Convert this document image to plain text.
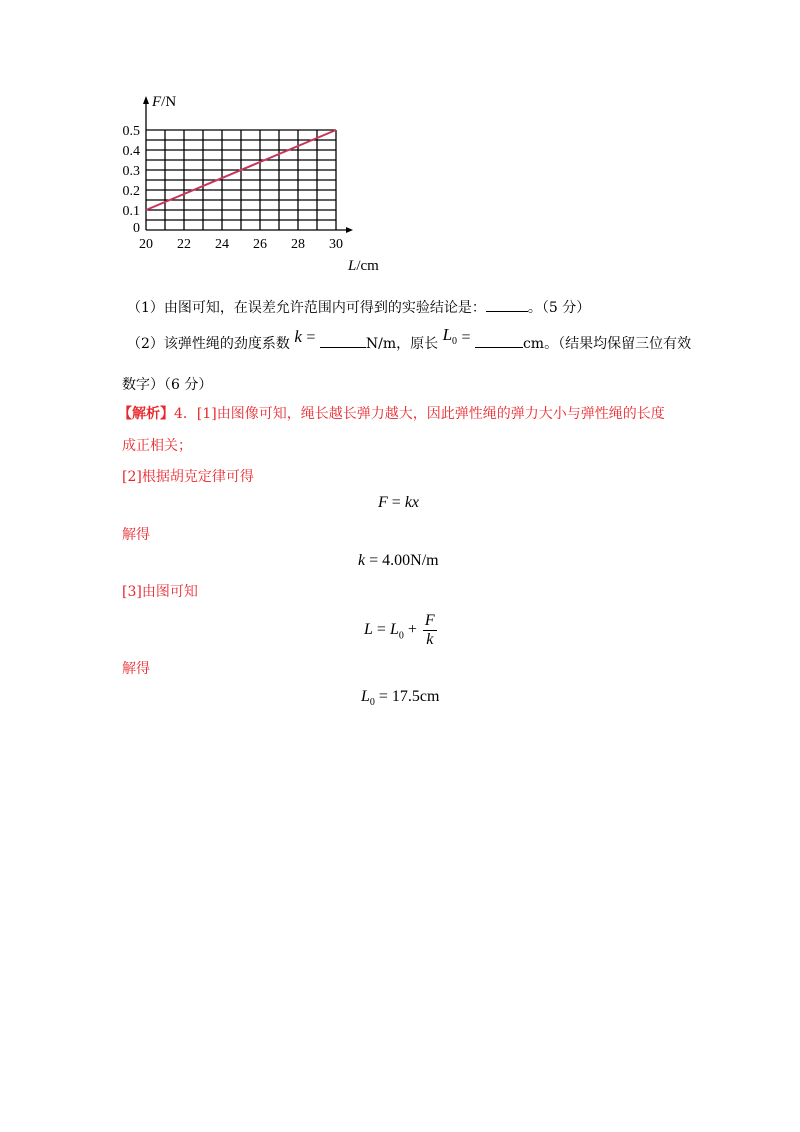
20 22 24 26 28 30
0
0.1
0.2
0.3
0.4
0.5
F/N
L/cm
（1）由图可知，在误差允许范围内可得到的实验结论是：	。（5 分）
（2）该弹性绳的劲度系数 k =	N/m，原长 $L_0$ =	cm。（结果均保留三位有效
数字）（6 分）
【解析】4．[1]由图像可知，绳长越长弹力越大，因此弹性绳的弹力大小与弹性绳的长度
成正相关；
[2]根据胡克定律可得
F = kx
解得
k = 4.00N/m
[3]由图可知
$L = L_0 + \frac{F}{k}$
解得
$L_0 = 17.5cm$
